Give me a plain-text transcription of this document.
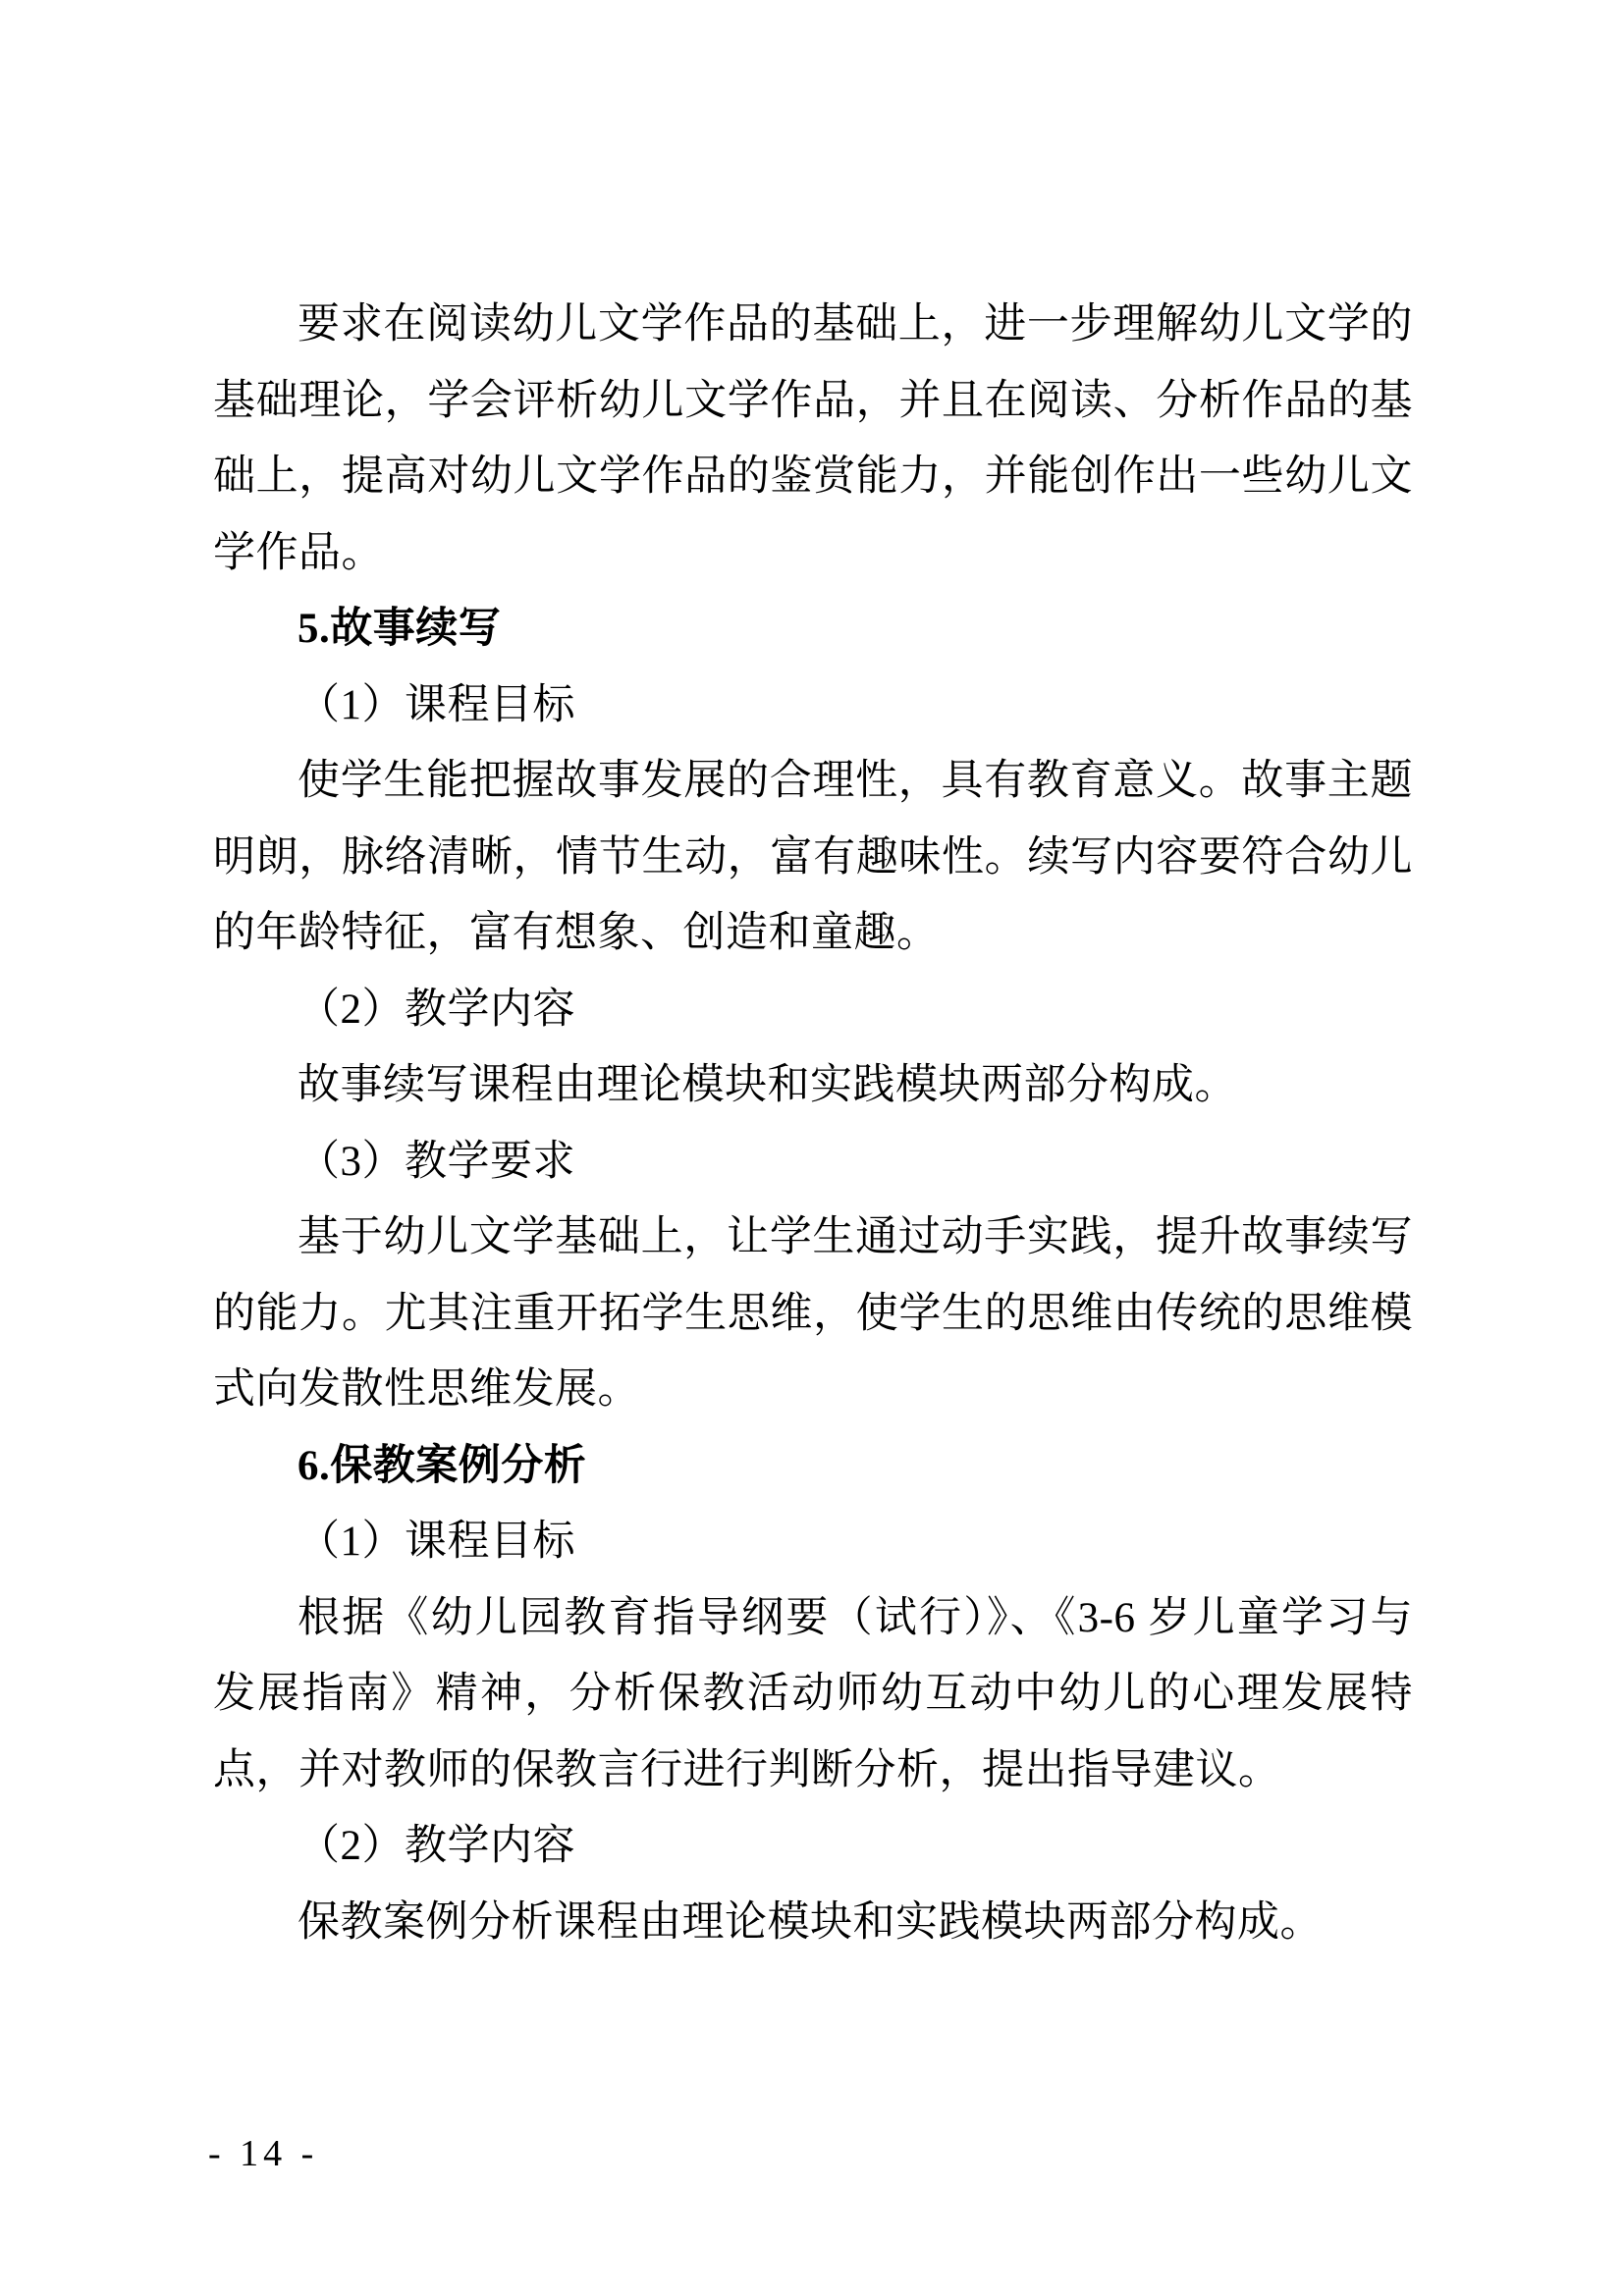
要求在阅读幼儿文学作品的基础上，进一步理解幼儿文学的基础理论，学会评析幼儿文学作品，并且在阅读、分析作品的基础上，提高对幼儿文学作品的鉴赏能力，并能创作出一些幼儿文学作品。

5.故事续写

（1）课程目标

使学生能把握故事发展的合理性，具有教育意义。故事主题明朗，脉络清晰，情节生动，富有趣味性。续写内容要符合幼儿的年龄特征，富有想象、创造和童趣。

（2）教学内容

故事续写课程由理论模块和实践模块两部分构成。

（3）教学要求

基于幼儿文学基础上，让学生通过动手实践，提升故事续写的能力。尤其注重开拓学生思维，使学生的思维由传统的思维模式向发散性思维发展。

6.保教案例分析

（1）课程目标

根据《幼儿园教育指导纲要（试行）》、《3-6 岁儿童学习与发展指南》精神，分析保教活动师幼互动中幼儿的心理发展特点，并对教师的保教言行进行判断分析，提出指导建议。

（2）教学内容

保教案例分析课程由理论模块和实践模块两部分构成。

- 14 -
